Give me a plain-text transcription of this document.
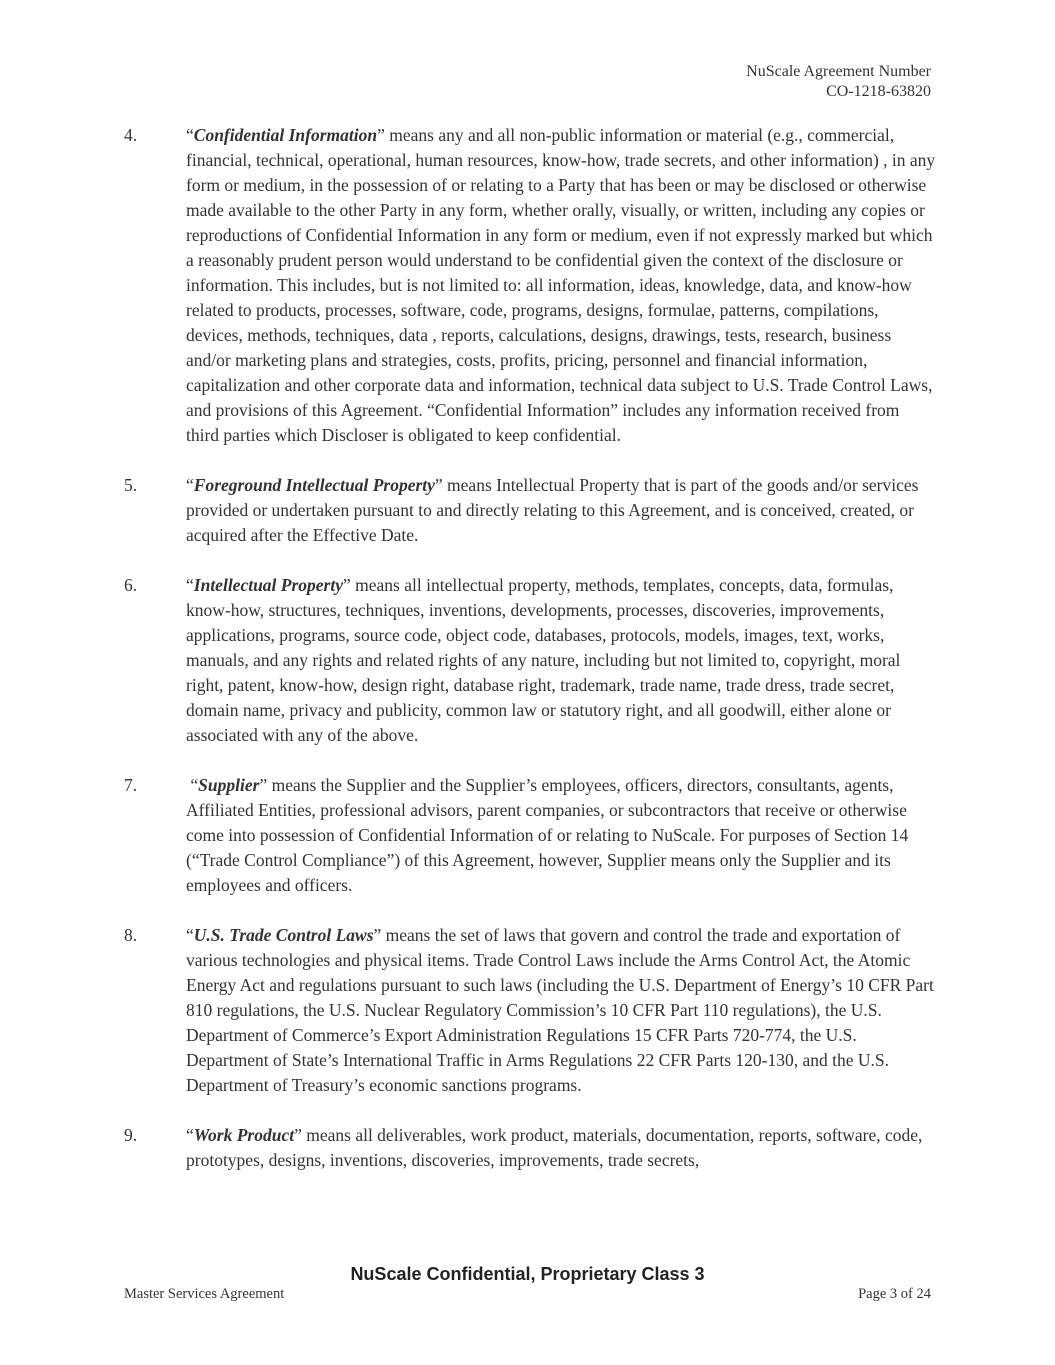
NuScale Agreement Number
CO-1218-63820
4.	“Confidential Information” means any and all non-public information or material (e.g., commercial, financial, technical, operational, human resources, know-how, trade secrets, and other information) , in any form or medium, in the possession of or relating to a Party that has been or may be disclosed or otherwise made available to the other Party in any form, whether orally, visually, or written, including any copies or reproductions of Confidential Information in any form or medium, even if not expressly marked but which a reasonably prudent person would understand to be confidential given the context of the disclosure or information. This includes, but is not limited to: all information, ideas, knowledge, data, and know-how related to products, processes, software, code, programs, designs, formulae, patterns, compilations, devices, methods, techniques, data , reports, calculations, designs, drawings, tests, research, business and/or marketing plans and strategies, costs, profits, pricing, personnel and financial information, capitalization and other corporate data and information, technical data subject to U.S. Trade Control Laws, and provisions of this Agreement. “Confidential Information” includes any information received from third parties which Discloser is obligated to keep confidential.
5.	“Foreground Intellectual Property” means Intellectual Property that is part of the goods and/or services provided or undertaken pursuant to and directly relating to this Agreement, and is conceived, created, or acquired after the Effective Date.
6.	“Intellectual Property” means all intellectual property, methods, templates, concepts, data, formulas, know-how, structures, techniques, inventions, developments, processes, discoveries, improvements, applications, programs, source code, object code, databases, protocols, models, images, text, works, manuals, and any rights and related rights of any nature, including but not limited to, copyright, moral right, patent, know-how, design right, database right, trademark, trade name, trade dress, trade secret, domain name, privacy and publicity, common law or statutory right, and all goodwill, either alone or associated with any of the above.
7.	“Supplier” means the Supplier and the Supplier’s employees, officers, directors, consultants, agents, Affiliated Entities, professional advisors, parent companies, or subcontractors that receive or otherwise come into possession of Confidential Information of or relating to NuScale. For purposes of Section 14 (“Trade Control Compliance”) of this Agreement, however, Supplier means only the Supplier and its employees and officers.
8.	“U.S. Trade Control Laws” means the set of laws that govern and control the trade and exportation of various technologies and physical items. Trade Control Laws include the Arms Control Act, the Atomic Energy Act and regulations pursuant to such laws (including the U.S. Department of Energy’s 10 CFR Part 810 regulations, the U.S. Nuclear Regulatory Commission’s 10 CFR Part 110 regulations), the U.S. Department of Commerce’s Export Administration Regulations 15 CFR Parts 720-774, the U.S. Department of State’s International Traffic in Arms Regulations 22 CFR Parts 120-130, and the U.S. Department of Treasury’s economic sanctions programs.
9.	“Work Product” means all deliverables, work product, materials, documentation, reports, software, code, prototypes, designs, inventions, discoveries, improvements, trade secrets,
NuScale Confidential, Proprietary Class 3
Master Services Agreement	Page 3 of 24
